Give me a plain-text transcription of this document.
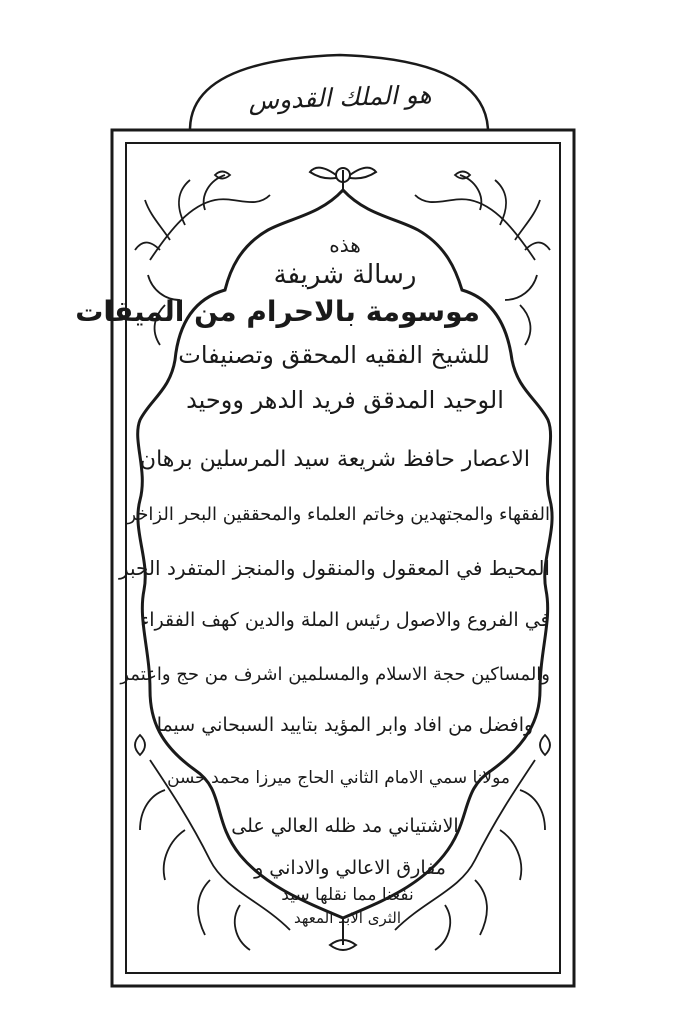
هو الملك القدوس
هذه
رسالة شريفة
موسومة بالاحرام من الميقات
للشيخ الفقيه المحقق وتصنيفات
الوحيد المدقق فريد الدهر ووحيد
الاعصار حافظ شريعة سيد المرسلين برهان
الفقهاء والمجتهدين وخاتم العلماء والمحققين البحر الزاخر
المحيط في المعقول والمنقول والمنجز المتفرد الحبر
في الفروع والاصول رئيس الملة والدين كهف الفقراء
والمساكين حجة الاسلام والمسلمين اشرف من حج واعتمر
وافضل من افاد وابر المؤيد بتاييد السبحاني سيما
مولانا سمي الامام الثاني الحاج ميرزا محمد حسن
الاشتياني مد ظله العالي على
مفارق الاعالي والاداني و
نفعنا مما نقلها سيد
الثرى الابد المعهد
